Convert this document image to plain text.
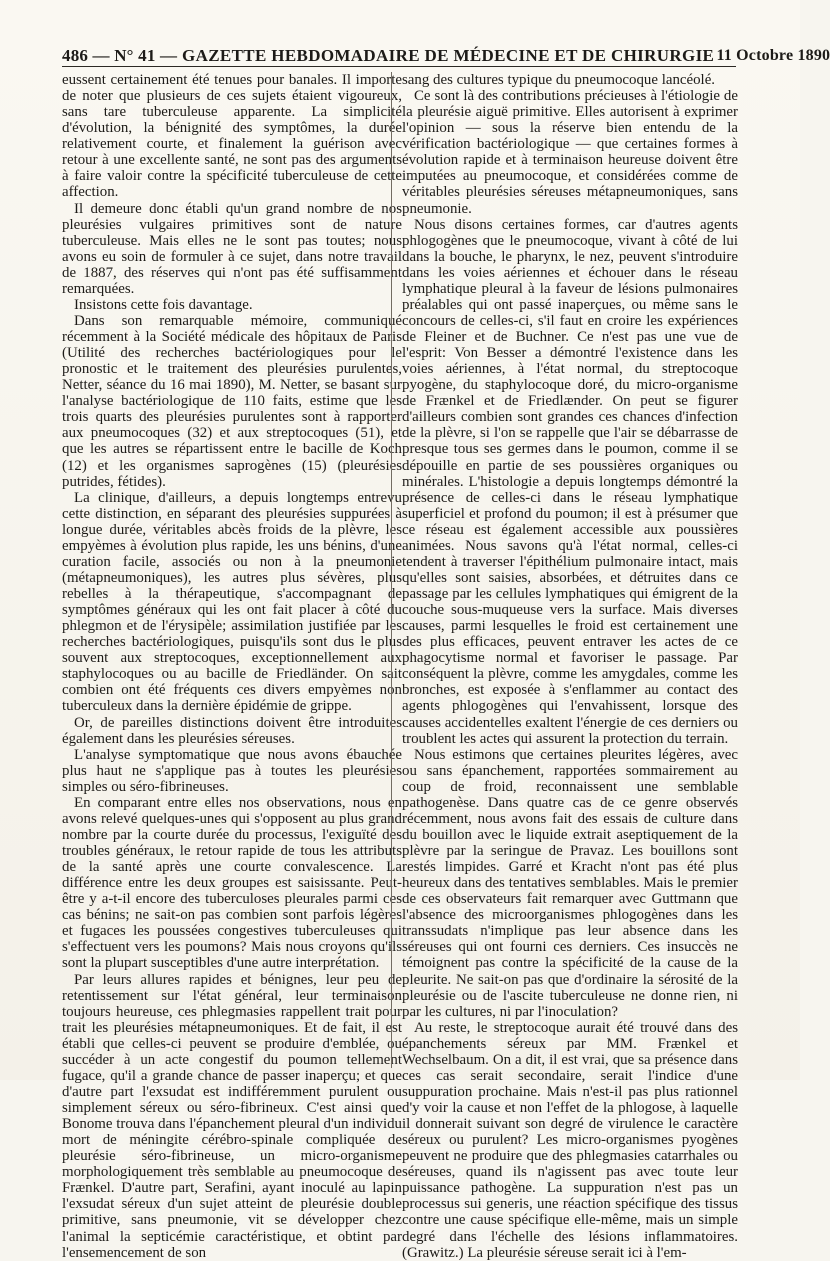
486 — N° 41 — GAZETTE HEBDOMADAIRE DE MÉDECINE ET DE CHIRURGIE 11 Octobre 1890

eussent certainement été tenues pour banales. Il importe de noter que plusieurs de ces sujets étaient vigoureux, sans tare tuberculeuse apparente. La simplicité d'évolution, la bénignité des symptômes, la durée relativement courte, et finalement la guérison avec retour à une excellente santé, ne sont pas des arguments à faire valoir contre la spécificité tuberculeuse de cette affection.

Il demeure donc établi qu'un grand nombre de nos pleurésies vulgaires primitives sont de nature tuberculeuse. Mais elles ne le sont pas toutes; nous avons eu soin de formuler à ce sujet, dans notre travail de 1887, des réserves qui n'ont pas été suffisamment remarquées.

Insistons cette fois davantage.

Dans son remarquable mémoire, communiqué récemment à la Société médicale des hôpitaux de Paris (Utilité des recherches bactériologiques pour le pronostic et le traitement des pleurésies purulentes, Netter, séance du 16 mai 1890), M. Netter, se basant sur l'analyse bactériologique de 110 faits, estime que les trois quarts des pleurésies purulentes sont à rapporter aux pneumocoques (32) et aux streptocoques (51), et que les autres se répartissent entre le bacille de Koch (12) et les organismes saprogènes (15) (pleurésies putrides, fétides).

La clinique, d'ailleurs, a depuis longtemps entrevu cette distinction, en séparant des pleurésies suppurées à longue durée, véritables abcès froids de la plèvre, les empyèmes à évolution plus rapide, les uns bénins, d'une curation facile, associés ou non à la pneumonie (métapneumoniques), les autres plus sévères, plus rebelles à la thérapeutique, s'accompagnant de symptômes généraux qui les ont fait placer à côté du phlegmon et de l'érysipèle; assimilation justifiée par les recherches bactériologiques, puisqu'ils sont dus le plus souvent aux streptocoques, exceptionnellement aux staphylocoques ou au bacille de Friedländer. On sait combien ont été fréquents ces divers empyèmes non tuberculeux dans la dernière épidémie de grippe.

Or, de pareilles distinctions doivent être introduites également dans les pleurésies séreuses.

L'analyse symptomatique que nous avons ébauchée plus haut ne s'applique pas à toutes les pleurésies simples ou séro-fibrineuses.

En comparant entre elles nos observations, nous en avons relevé quelques-unes qui s'opposent au plus grand nombre par la courte durée du processus, l'exiguïté des troubles généraux, le retour rapide de tous les attributs de la santé après une courte convalescence. La différence entre les deux groupes est saisissante. Peut-être y a-t-il encore des tuberculoses pleurales parmi ces cas bénins; ne sait-on pas combien sont parfois légères et fugaces les poussées congestives tuberculeuses qui s'effectuent vers les poumons? Mais nous croyons qu'ils sont la plupart susceptibles d'une autre interprétation.

Par leurs allures rapides et bénignes, leur peu de retentissement sur l'état général, leur terminaison toujours heureuse, ces phlegmasies rappellent trait pour trait les pleurésies métapneumoniques. Et de fait, il est établi que celles-ci peuvent se produire d'emblée, ou succéder à un acte congestif du poumon tellement fugace, qu'il a grande chance de passer inaperçu; et que d'autre part l'exsudat est indifféremment purulent ou simplement séreux ou séro-fibrineux. C'est ainsi que Bonome trouva dans l'épanchement pleural d'un individu mort de méningite cérébro-spinale compliquée de pleurésie séro-fibrineuse, un micro-organisme morphologiquement très semblable au pneumocoque de Frænkel. D'autre part, Serafini, ayant inoculé au lapin l'exsudat séreux d'un sujet atteint de pleurésie double primitive, sans pneumonie, vit se développer chez l'animal la septicémie caractéristique, et obtint par l'ensemencement de son

sang des cultures typique du pneumocoque lancéolé.

Ce sont là des contributions précieuses à l'étiologie de la pleurésie aiguë primitive. Elles autorisent à exprimer l'opinion — sous la réserve bien entendu de la vérification bactériologique — que certaines formes à évolution rapide et à terminaison heureuse doivent être imputées au pneumocoque, et considérées comme de véritables pleurésies séreuses métapneumoniques, sans pneumonie.

Nous disons certaines formes, car d'autres agents phlogogènes que le pneumocoque, vivant à côté de lui dans la bouche, le pharynx, le nez, peuvent s'introduire dans les voies aériennes et échouer dans le réseau lymphatique pleural à la faveur de lésions pulmonaires préalables qui ont passé inaperçues, ou même sans le concours de celles-ci, s'il faut en croire les expériences de Fleiner et de Buchner. Ce n'est pas une vue de l'esprit: Von Besser a démontré l'existence dans les voies aériennes, à l'état normal, du streptocoque pyogène, du staphylocoque doré, du micro-organisme de Frænkel et de Friedlænder. On peut se figurer d'ailleurs combien sont grandes ces chances d'infection de la plèvre, si l'on se rappelle que l'air se débarrasse de presque tous ses germes dans le poumon, comme il se dépouille en partie de ses poussières organiques ou minérales. L'histologie a depuis longtemps démontré la présence de celles-ci dans le réseau lymphatique superficiel et profond du poumon; il est à présumer que ce réseau est également accessible aux poussières animées. Nous savons qu'à l'état normal, celles-ci tendent à traverser l'épithélium pulmonaire intact, mais qu'elles sont saisies, absorbées, et détruites dans ce passage par les cellules lymphatiques qui émigrent de la couche sous-muqueuse vers la surface. Mais diverses causes, parmi lesquelles le froid est certainement une des plus efficaces, peuvent entraver les actes de ce phagocytisme normal et favoriser le passage. Par conséquent la plèvre, comme les amygdales, comme les bronches, est exposée à s'enflammer au contact des agents phlogogènes qui l'envahissent, lorsque des causes accidentelles exaltent l'énergie de ces derniers ou troublent les actes qui assurent la protection du terrain.

Nous estimons que certaines pleurites légères, avec ou sans épanchement, rapportées sommairement au coup de froid, reconnaissent une semblable pathogenèse. Dans quatre cas de ce genre observés récemment, nous avons fait des essais de culture dans du bouillon avec le liquide extrait aseptiquement de la plèvre par la seringue de Pravaz. Les bouillons sont restés limpides. Garré et Kracht n'ont pas été plus heureux dans des tentatives semblables. Mais le premier de ces observateurs fait remarquer avec Guttmann que l'absence des microorganismes phlogogènes dans les transsudats n'implique pas leur absence dans les séreuses qui ont fourni ces derniers. Ces insuccès ne témoignent pas contre la spécificité de la cause de la pleurite. Ne sait-on pas que d'ordinaire la sérosité de la pleurésie ou de l'ascite tuberculeuse ne donne rien, ni par les cultures, ni par l'inoculation?

Au reste, le streptocoque aurait été trouvé dans des épanchements séreux par MM. Frænkel et Wechselbaum. On a dit, il est vrai, que sa présence dans ces cas serait secondaire, serait l'indice d'une suppuration prochaine. Mais n'est-il pas plus rationnel d'y voir la cause et non l'effet de la phlogose, à laquelle il donnerait suivant son degré de virulence le caractère séreux ou purulent? Les micro-organismes pyogènes peuvent ne produire que des phlegmasies catarrhales ou séreuses, quand ils n'agissent pas avec toute leur puissance pathogène. La suppuration n'est pas un processus sui generis, une réaction spécifique des tissus contre une cause spécifique elle-même, mais un simple degré dans l'échelle des lésions inflammatoires. (Grawitz.) La pleurésie séreuse serait ici à l'em-
